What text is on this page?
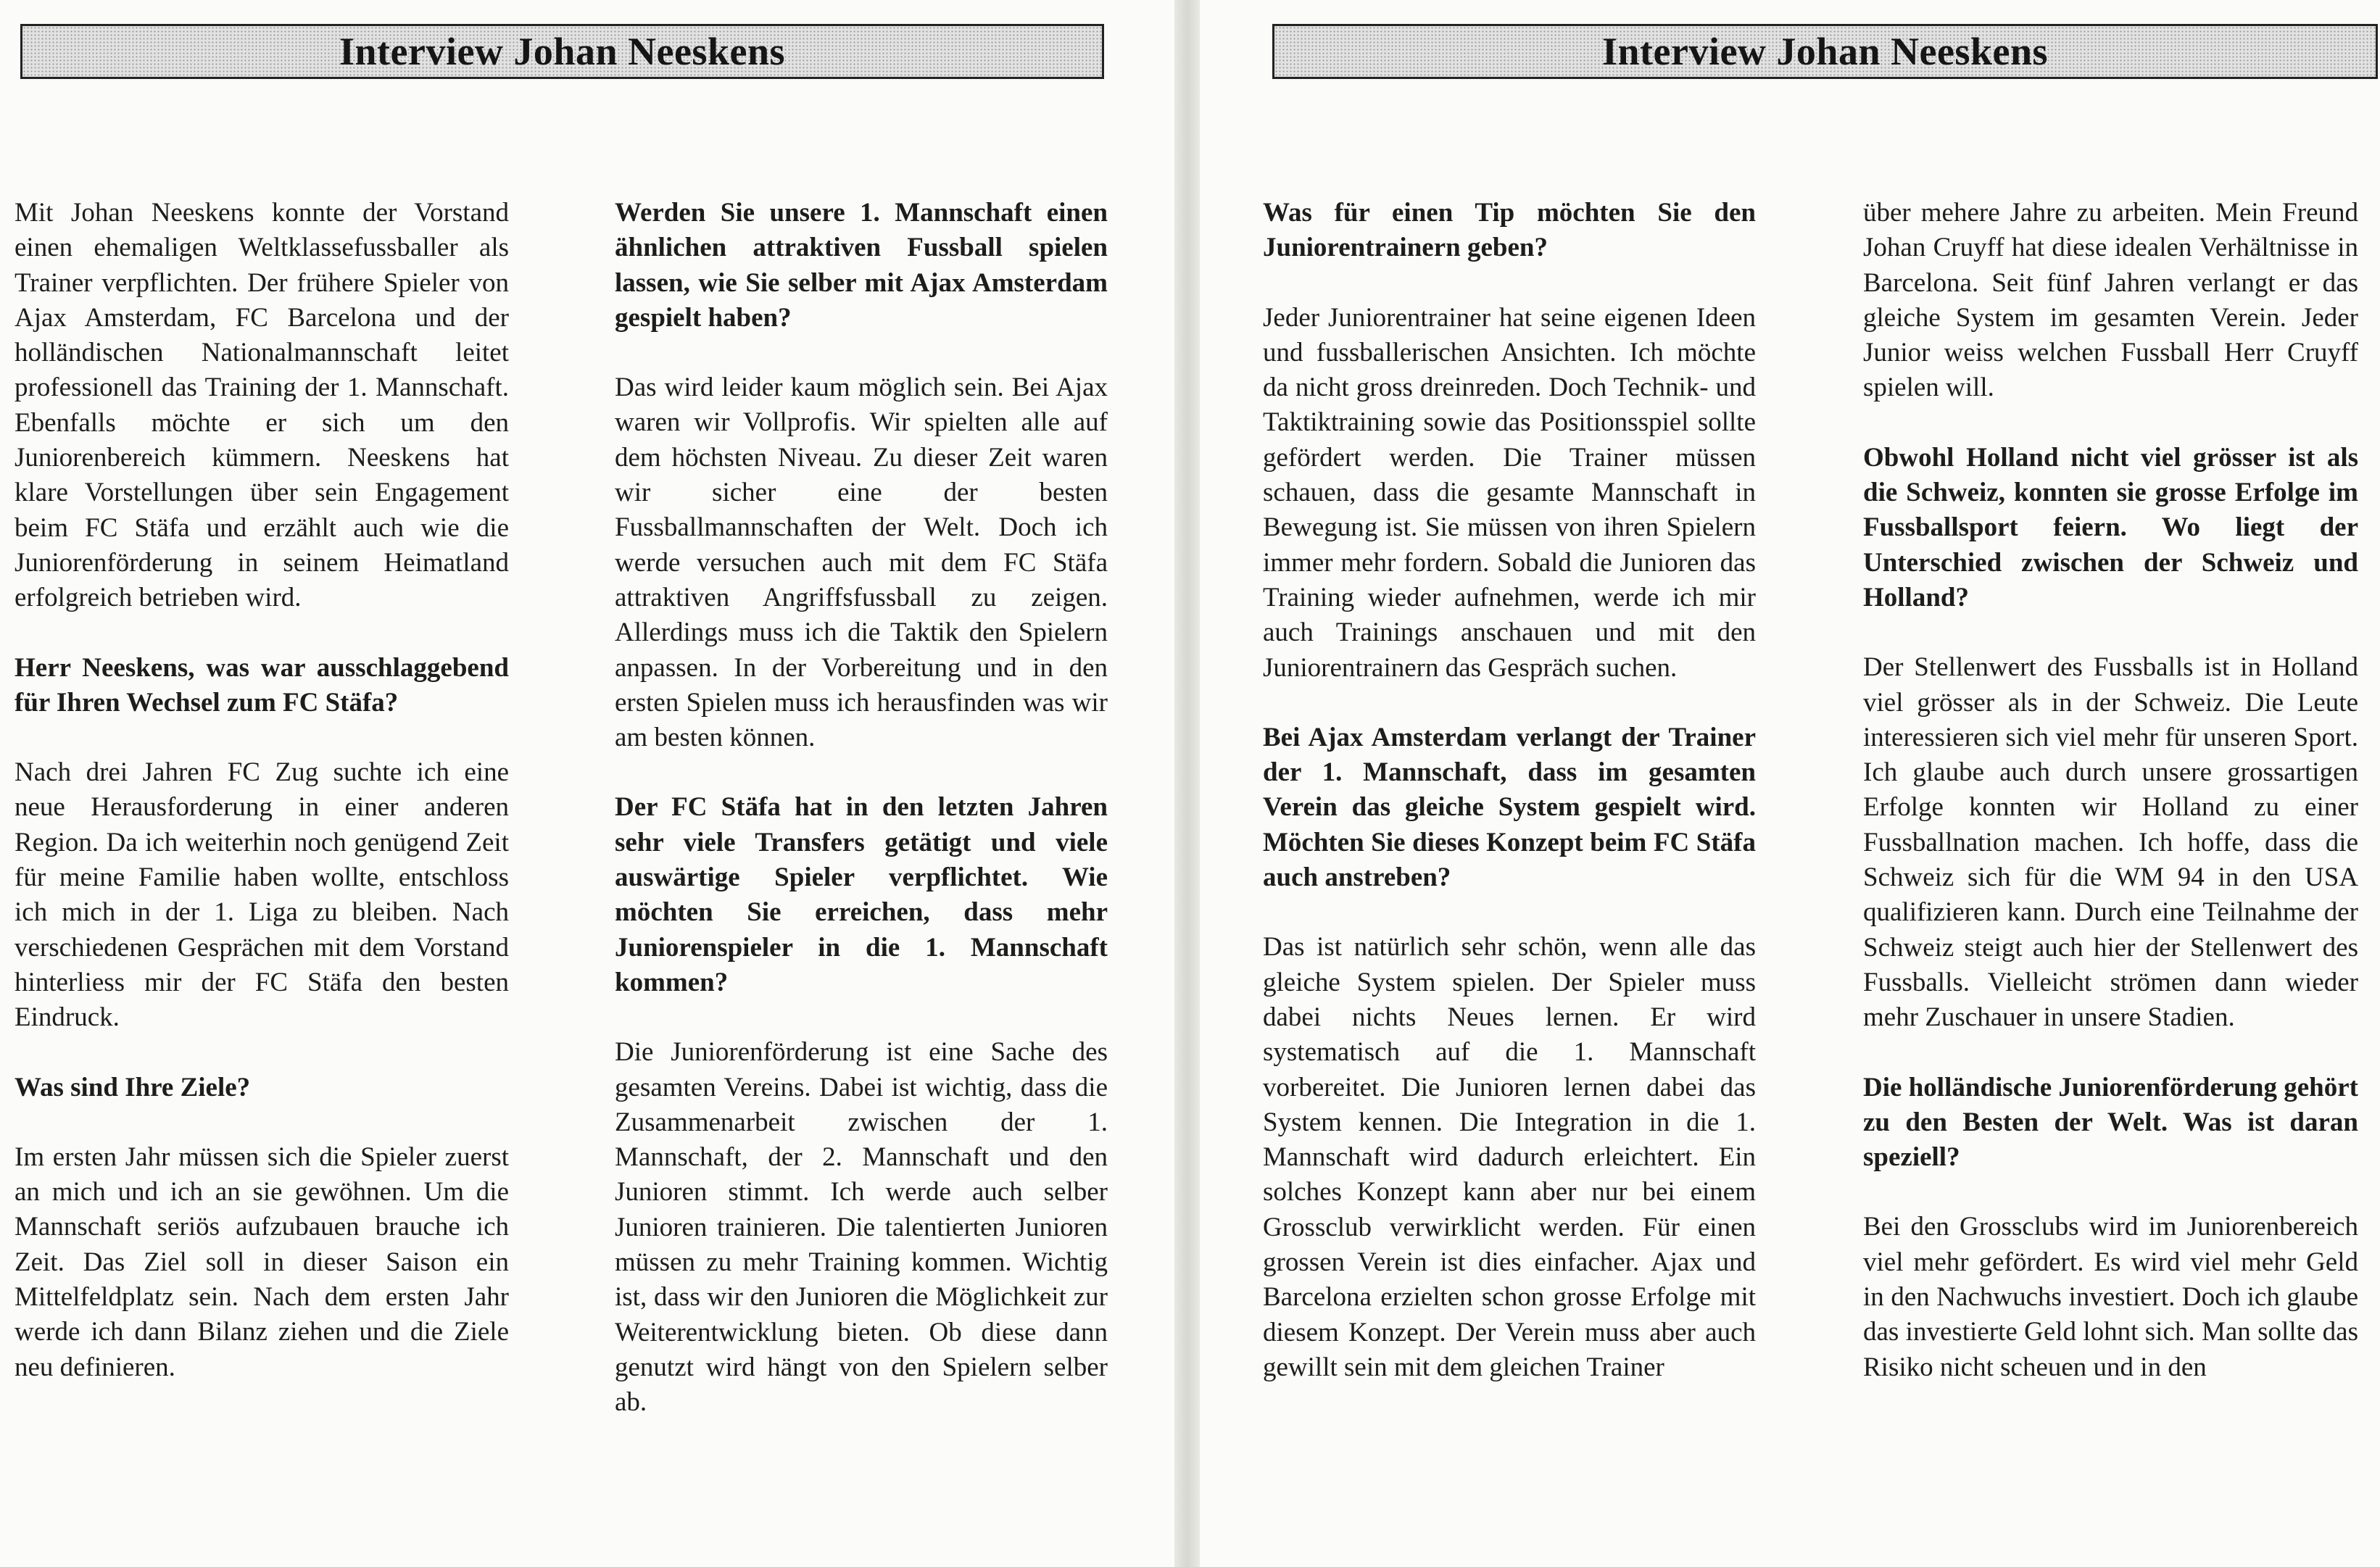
Interview Johan Neeskens

Mit Johan Neeskens konnte der Vorstand einen ehemaligen Weltklassefussballer als Trainer verpflichten. Der frühere Spieler von Ajax Amsterdam, FC Barcelona und der holländischen Nationalmannschaft leitet professionell das Training der 1. Mannschaft. Ebenfalls möchte er sich um den Juniorenbereich kümmern. Neeskens hat klare Vorstellungen über sein Engagement beim FC Stäfa und erzählt auch wie die Juniorenförderung in seinem Heimatland erfolgreich betrieben wird.

Herr Neeskens, was war ausschlaggebend für Ihren Wechsel zum FC Stäfa?

Nach drei Jahren FC Zug suchte ich eine neue Herausforderung in einer anderen Region. Da ich weiterhin noch genügend Zeit für meine Familie haben wollte, entschloss ich mich in der 1. Liga zu bleiben. Nach verschiedenen Gesprächen mit dem Vorstand hinterliess mir der FC Stäfa den besten Eindruck.

Was sind Ihre Ziele?

Im ersten Jahr müssen sich die Spieler zuerst an mich und ich an sie gewöhnen. Um die Mannschaft seriös aufzubauen brauche ich Zeit. Das Ziel soll in dieser Saison ein Mittelfeldplatz sein. Nach dem ersten Jahr werde ich dann Bilanz ziehen und die Ziele neu definieren.

Werden Sie unsere 1. Mannschaft einen ähnlichen attraktiven Fussball spielen lassen, wie Sie selber mit Ajax Amsterdam gespielt haben?

Das wird leider kaum möglich sein. Bei Ajax waren wir Vollprofis. Wir spielten alle auf dem höchsten Niveau. Zu dieser Zeit waren wir sicher eine der besten Fussballmannschaften der Welt. Doch ich werde versuchen auch mit dem FC Stäfa attraktiven Angriffsfussball zu zeigen. Allerdings muss ich die Taktik den Spielern anpassen. In der Vorbereitung und in den ersten Spielen muss ich herausfinden was wir am besten können.

Der FC Stäfa hat in den letzten Jahren sehr viele Transfers getätigt und viele auswärtige Spieler verpflichtet. Wie möchten Sie erreichen, dass mehr Juniorenspieler in die 1. Mannschaft kommen?

Die Juniorenförderung ist eine Sache des gesamten Vereins. Dabei ist wichtig, dass die Zusammenarbeit zwischen der 1. Mannschaft, der 2. Mannschaft und den Junioren stimmt. Ich werde auch selber Junioren trainieren. Die talentierten Junioren müssen zu mehr Training kommen. Wichtig ist, dass wir den Junioren die Möglichkeit zur Weiterentwicklung bieten. Ob diese dann genutzt wird hängt von den Spielern selber ab.

Interview Johan Neeskens

Was für einen Tip möchten Sie den Juniorentrainern geben?

Jeder Juniorentrainer hat seine eigenen Ideen und fussballerischen Ansichten. Ich möchte da nicht gross dreinreden. Doch Technik- und Taktiktraining sowie das Positionsspiel sollte gefördert werden. Die Trainer müssen schauen, dass die gesamte Mannschaft in Bewegung ist. Sie müssen von ihren Spielern immer mehr fordern. Sobald die Junioren das Training wieder aufnehmen, werde ich mir auch Trainings anschauen und mit den Juniorentrainern das Gespräch suchen.

Bei Ajax Amsterdam verlangt der Trainer der 1. Mannschaft, dass im gesamten Verein das gleiche System gespielt wird. Möchten Sie dieses Konzept beim FC Stäfa auch anstreben?

Das ist natürlich sehr schön, wenn alle das gleiche System spielen. Der Spieler muss dabei nichts Neues lernen. Er wird systematisch auf die 1. Mannschaft vorbereitet. Die Junioren lernen dabei das System kennen. Die Integration in die 1. Mannschaft wird dadurch erleichtert. Ein solches Konzept kann aber nur bei einem Grossclub verwirklicht werden. Für einen grossen Verein ist dies einfacher. Ajax und Barcelona erzielten schon grosse Erfolge mit diesem Konzept. Der Verein muss aber auch gewillt sein mit dem gleichen Trainer

über mehere Jahre zu arbeiten. Mein Freund Johan Cruyff hat diese idealen Verhältnisse in Barcelona. Seit fünf Jahren verlangt er das gleiche System im gesamten Verein. Jeder Junior weiss welchen Fussball Herr Cruyff spielen will.

Obwohl Holland nicht viel grösser ist als die Schweiz, konnten sie grosse Erfolge im Fussballsport feiern. Wo liegt der Unterschied zwischen der Schweiz und Holland?

Der Stellenwert des Fussballs ist in Holland viel grösser als in der Schweiz. Die Leute interessieren sich viel mehr für unseren Sport. Ich glaube auch durch unsere grossartigen Erfolge konnten wir Holland zu einer Fussballnation machen. Ich hoffe, dass die Schweiz sich für die WM 94 in den USA qualifizieren kann. Durch eine Teilnahme der Schweiz steigt auch hier der Stellenwert des Fussballs. Vielleicht strömen dann wieder mehr Zuschauer in unsere Stadien.

Die holländische Juniorenförderung gehört zu den Besten der Welt. Was ist daran speziell?

Bei den Grossclubs wird im Juniorenbereich viel mehr gefördert. Es wird viel mehr Geld in den Nachwuchs investiert. Doch ich glaube das investierte Geld lohnt sich. Man sollte das Risiko nicht scheuen und in den
